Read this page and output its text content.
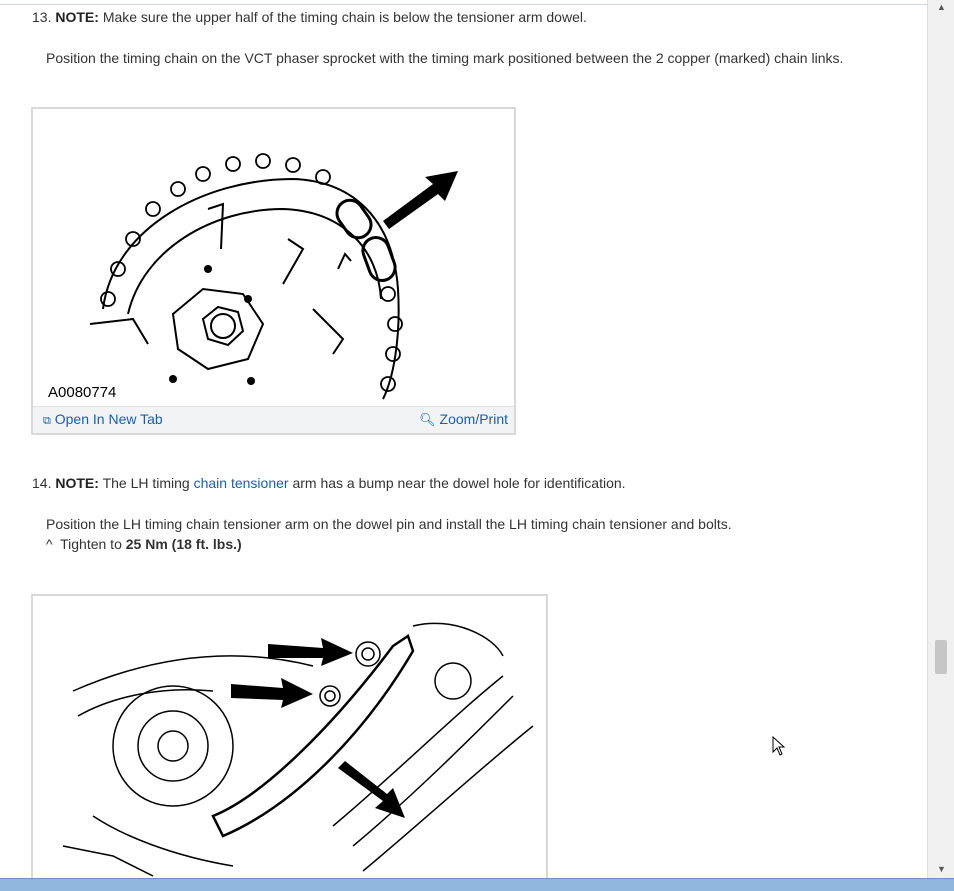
13. NOTE: Make sure the upper half of the timing chain is below the tensioner arm dowel.
Position the timing chain on the VCT phaser sprocket with the timing mark positioned between the 2 copper (marked) chain links.
A0080774
⧉ Open In New Tab	🔍︎ Zoom/Print
14. NOTE: The LH timing chain tensioner arm has a bump near the dowel hole for identification.
Position the LH timing chain tensioner arm on the dowel pin and install the LH timing chain tensioner and bolts.
^ Tighten to 25 Nm (18 ft. lbs.)
▲
▼
